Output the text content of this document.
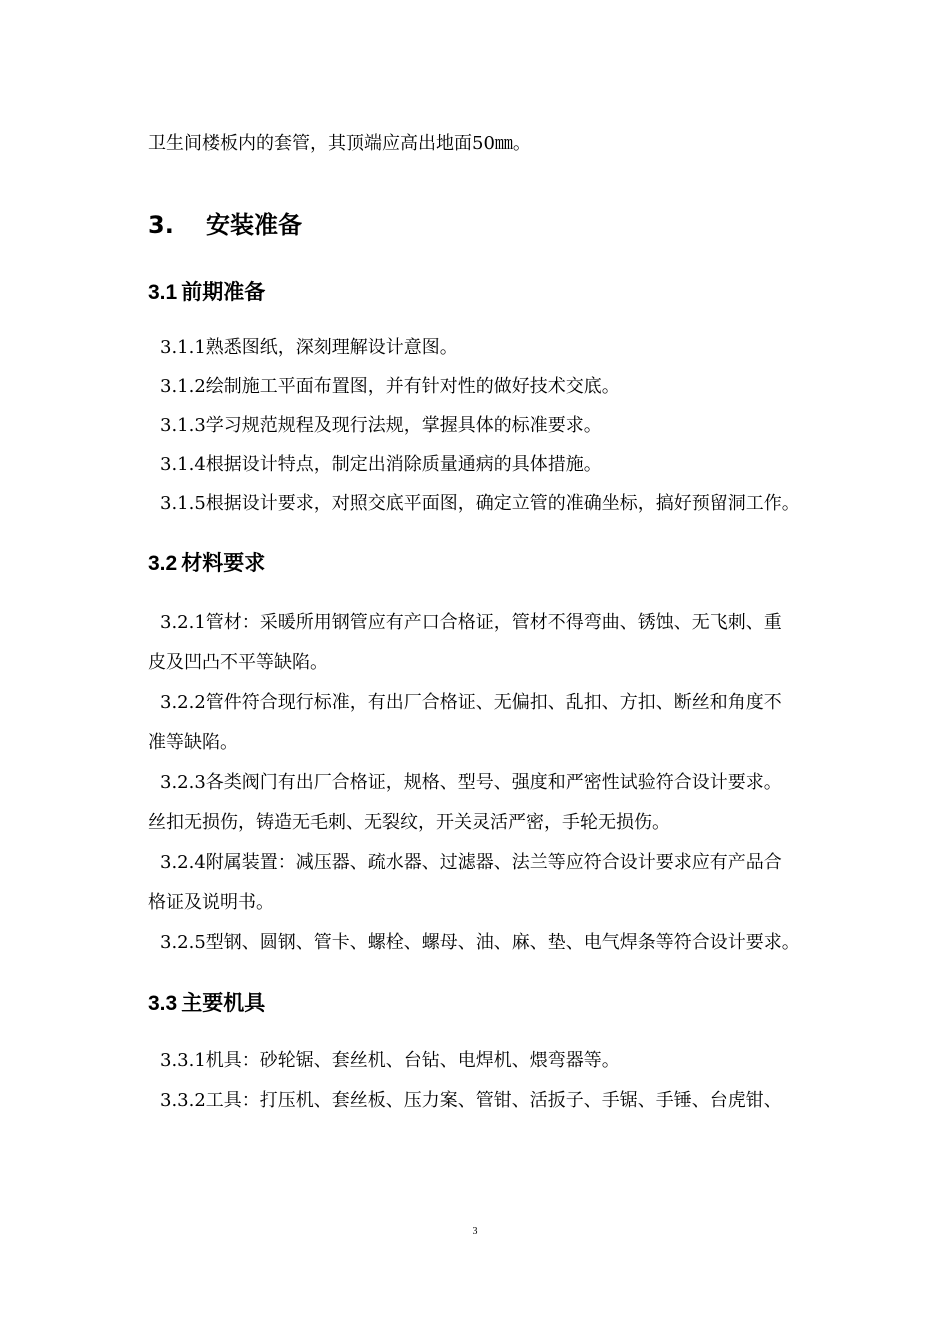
卫生间楼板内的套管，其顶端应高出地面50㎜。

3. 安装准备
3.1 前期准备

3.1.1熟悉图纸，深刻理解设计意图。

3.1.2绘制施工平面布置图，并有针对性的做好技术交底。

3.1.3学习规范规程及现行法规，掌握具体的标准要求。

3.1.4根据设计特点，制定出消除质量通病的具体措施。

3.1.5根据设计要求，对照交底平面图，确定立管的准确坐标，搞好预留洞工作。

3.2 材料要求

3.2.1管材：采暖所用钢管应有产口合格证，管材不得弯曲、锈蚀、无飞刺、重

皮及凹凸不平等缺陷。

3.2.2管件符合现行标准，有出厂合格证、无偏扣、乱扣、方扣、断丝和角度不

准等缺陷。

3.2.3各类阀门有出厂合格证，规格、型号、强度和严密性试验符合设计要求。

丝扣无损伤，铸造无毛刺、无裂纹，开关灵活严密，手轮无损伤。

3.2.4附属装置：减压器、疏水器、过滤器、法兰等应符合设计要求应有产品合

格证及说明书。

3.2.5型钢、圆钢、管卡、螺栓、螺母、油、麻、垫、电气焊条等符合设计要求。

3.3 主要机具

3.3.1机具：砂轮锯、套丝机、台钻、电焊机、煨弯器等。

3.3.2工具：打压机、套丝板、压力案、管钳、活扳子、手锯、手锤、台虎钳、

3
